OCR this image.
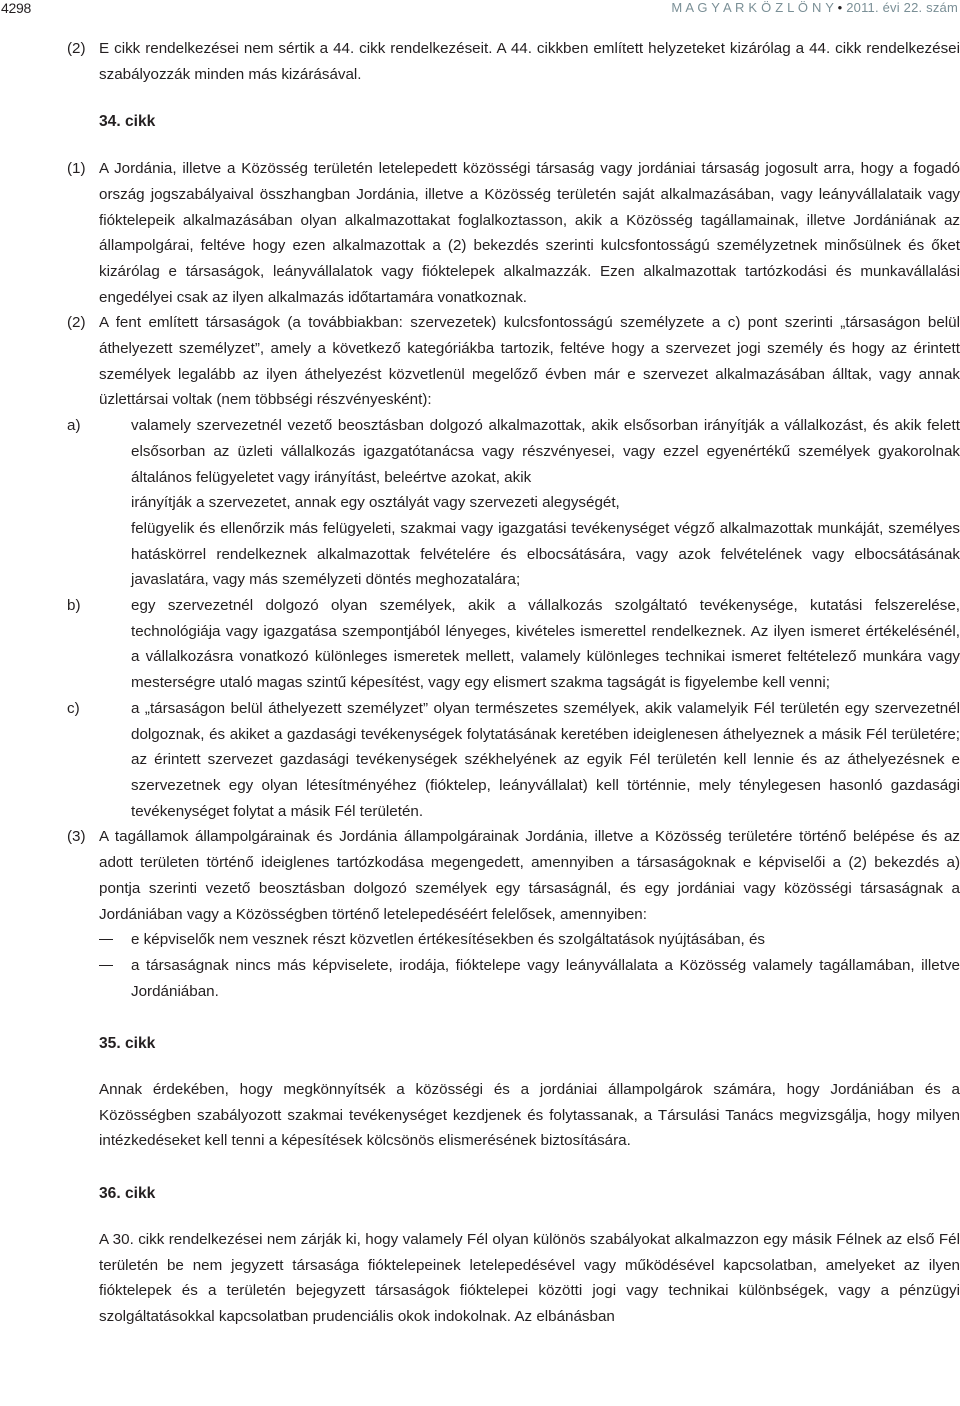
4298	M A G Y A R K Ö Z L Ö N Y • 2011. évi 22. szám
(2) E cikk rendelkezései nem sértik a 44. cikk rendelkezéseit. A 44. cikkben említett helyzeteket kizárólag a 44. cikk rendelkezései szabályozzák minden más kizárásával.

34. cikk

(1) A Jordánia, illetve a Közösség területén letelepedett közösségi társaság vagy jordániai társaság jogosult arra, hogy a fogadó ország jogszabályaival összhangban Jordánia, illetve a Közösség területén saját alkalmazásában, vagy leányvállalataik vagy fióktelepeik alkalmazásában olyan alkalmazottakat foglalkoztasson, akik a Közösség tagállamainak, illetve Jordániának az állampolgárai, feltéve hogy ezen alkalmazottak a (2) bekezdés szerinti kulcsfontosságú személyzetnek minősülnek és őket kizárólag e társaságok, leányvállalatok vagy fióktelepek alkalmazzák. Ezen alkalmazottak tartózkodási és munkavállalási engedélyei csak az ilyen alkalmazás időtartamára vonatkoznak.

(2) A fent említett társaságok (a továbbiakban: szervezetek) kulcsfontosságú személyzete a c) pont szerinti „társaságon belül áthelyezett személyzet”, amely a következő kategóriákba tartozik, feltéve hogy a szervezet jogi személy és hogy az érintett személyek legalább az ilyen áthelyezést közvetlenül megelőző évben már e szervezet alkalmazásában álltak, vagy annak üzlettársai voltak (nem többségi részvényesként):

a)	valamely szervezetnél vezető beosztásban dolgozó alkalmazottak, akik elsősorban irányítják a vállalkozást, és akik felett elsősorban az üzleti vállalkozás igazgatótanácsa vagy részvényesei, vagy ezzel egyenértékű személyek gyakorolnak általános felügyeletet vagy irányítást, beleértve azokat, akik

irányítják a szervezetet, annak egy osztályát vagy szervezeti alegységét,

felügyelik és ellenőrzik más felügyeleti, szakmai vagy igazgatási tevékenységet végző alkalmazottak munkáját, személyes hatáskörrel rendelkeznek alkalmazottak felvételére és elbocsátására, vagy azok felvételének vagy elbocsátásának javaslatára, vagy más személyzeti döntés meghozatalára;

b)	egy szervezetnél dolgozó olyan személyek, akik a vállalkozás szolgáltató tevékenysége, kutatási felszerelése, technológiája vagy igazgatása szempontjából lényeges, kivételes ismerettel rendelkeznek. Az ilyen ismeret értékelésénél, a vállalkozásra vonatkozó különleges ismeretek mellett, valamely különleges technikai ismeret feltételező munkára vagy mesterségre utaló magas szintű képesítést, vagy egy elismert szakma tagságát is figyelembe kell venni;

c)	a „társaságon belül áthelyezett személyzet” olyan természetes személyek, akik valamelyik Fél területén egy szervezetnél dolgoznak, és akiket a gazdasági tevékenységek folytatásának keretében ideiglenesen áthelyeznek a másik Fél területére; az érintett szervezet gazdasági tevékenységek székhelyének az egyik Fél területén kell lennie és az áthelyezésnek e szervezetnek egy olyan létesítményéhez (fióktelep, leányvállalat) kell történnie, mely ténylegesen hasonló gazdasági tevékenységet folytat a másik Fél területén.

(3) A tagállamok állampolgárainak és Jordánia állampolgárainak Jordánia, illetve a Közösség területére történő belépése és az adott területen történő ideiglenes tartózkodása megengedett, amennyiben a társaságoknak e képviselői a (2) bekezdés a) pontja szerinti vezető beosztásban dolgozó személyek egy társaságnál, és egy jordániai vagy közösségi társaságnak a Jordániában vagy a Közösségben történő letelepedéséért felelősek, amennyiben:

e képviselők nem vesznek részt közvetlen értékesítésekben és szolgáltatások nyújtásában, és

a társaságnak nincs más képviselete, irodája, fióktelepe vagy leányvállalata a Közösség valamely tagállamában, illetve Jordániában.

35. cikk

Annak érdekében, hogy megkönnyítsék a közösségi és a jordániai állampolgárok számára, hogy Jordániában és a Közösségben szabályozott szakmai tevékenységet kezdjenek és folytassanak, a Társulási Tanács megvizsgálja, hogy milyen intézkedéseket kell tenni a képesítések kölcsönös elismerésének biztosítására.

36. cikk

A 30. cikk rendelkezései nem zárják ki, hogy valamely Fél olyan különös szabályokat alkalmazzon egy másik Félnek az első Fél területén be nem jegyzett társasága fióktelepeinek letelepedésével vagy működésével kapcsolatban, amelyeket az ilyen fióktelepek és a területén bejegyzett társaságok fióktelepei közötti jogi vagy technikai különbségek, vagy a pénzügyi szolgáltatásokkal kapcsolatban prudenciális okok indokolnak. Az elbánásban
